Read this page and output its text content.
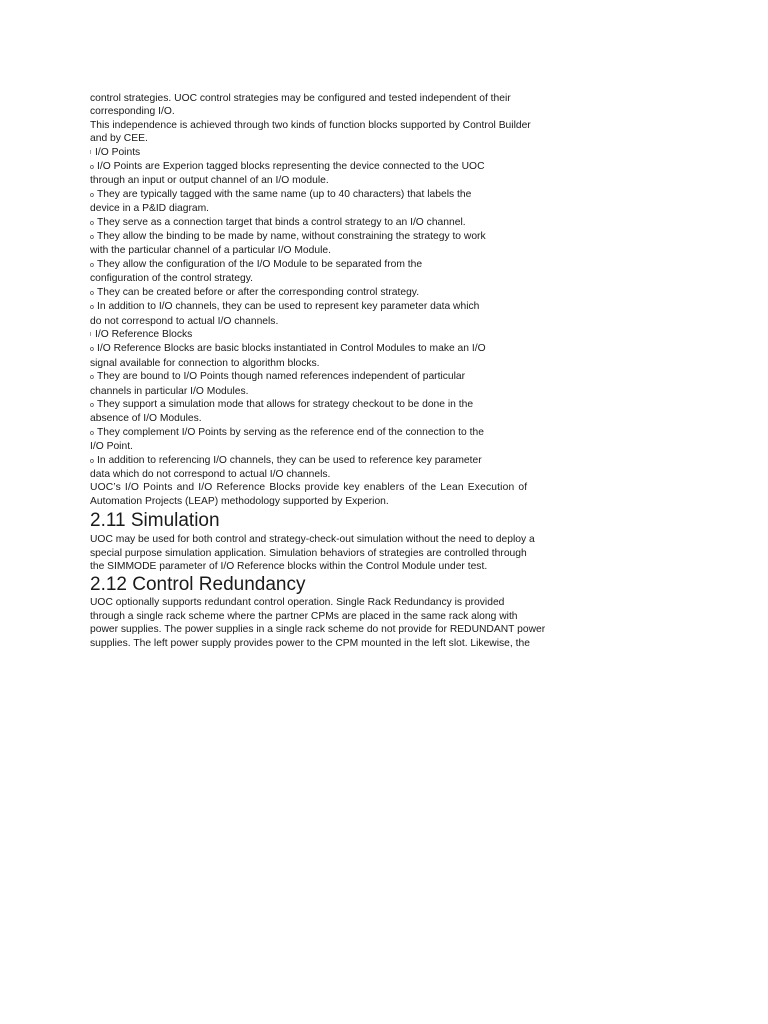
control strategies. UOC control strategies may be configured and tested independent of their
corresponding I/O.
This independence is achieved through two kinds of function blocks supported by Control Builder
and by CEE.
l I/O Points
o I/O Points are Experion tagged blocks representing the device connected to the UOC
through an input or output channel of an I/O module.
o They are typically tagged with the same name (up to 40 characters) that labels the
device in a P&ID diagram.
o They serve as a connection target that binds a control strategy to an I/O channel.
o They allow the binding to be made by name, without constraining the strategy to work
with the particular channel of a particular I/O Module.
o They allow the configuration of the I/O Module to be separated from the
configuration of the control strategy.
o They can be created before or after the corresponding control strategy.
o In addition to I/O channels, they can be used to represent key parameter data which
do not correspond to actual I/O channels.
l I/O Reference Blocks
o I/O Reference Blocks are basic blocks instantiated in Control Modules to make an I/O
signal available for connection to algorithm blocks.
o They are bound to I/O Points though named references independent of particular
channels in particular I/O Modules.
o They support a simulation mode that allows for strategy checkout to be done in the
absence of I/O Modules.
o They complement I/O Points by serving as the reference end of the connection to the
I/O Point.
o In addition to referencing I/O channels, they can be used to reference key parameter
data which do not correspond to actual I/O channels.
UOC’s I/O Points and I/O Reference Blocks provide key enablers of the Lean Execution of
Automation Projects (LEAP) methodology supported by Experion.
2.11 Simulation
UOC may be used for both control and strategy-check-out simulation without the need to deploy a
special purpose simulation application. Simulation behaviors of strategies are controlled through
the SIMMODE parameter of I/O Reference blocks within the Control Module under test.
2.12 Control Redundancy
UOC optionally supports redundant control operation. Single Rack Redundancy is provided
through a single rack scheme where the partner CPMs are placed in the same rack along with
power supplies. The power supplies in a single rack scheme do not provide for REDUNDANT power
supplies. The left power supply provides power to the CPM mounted in the left slot. Likewise, the
